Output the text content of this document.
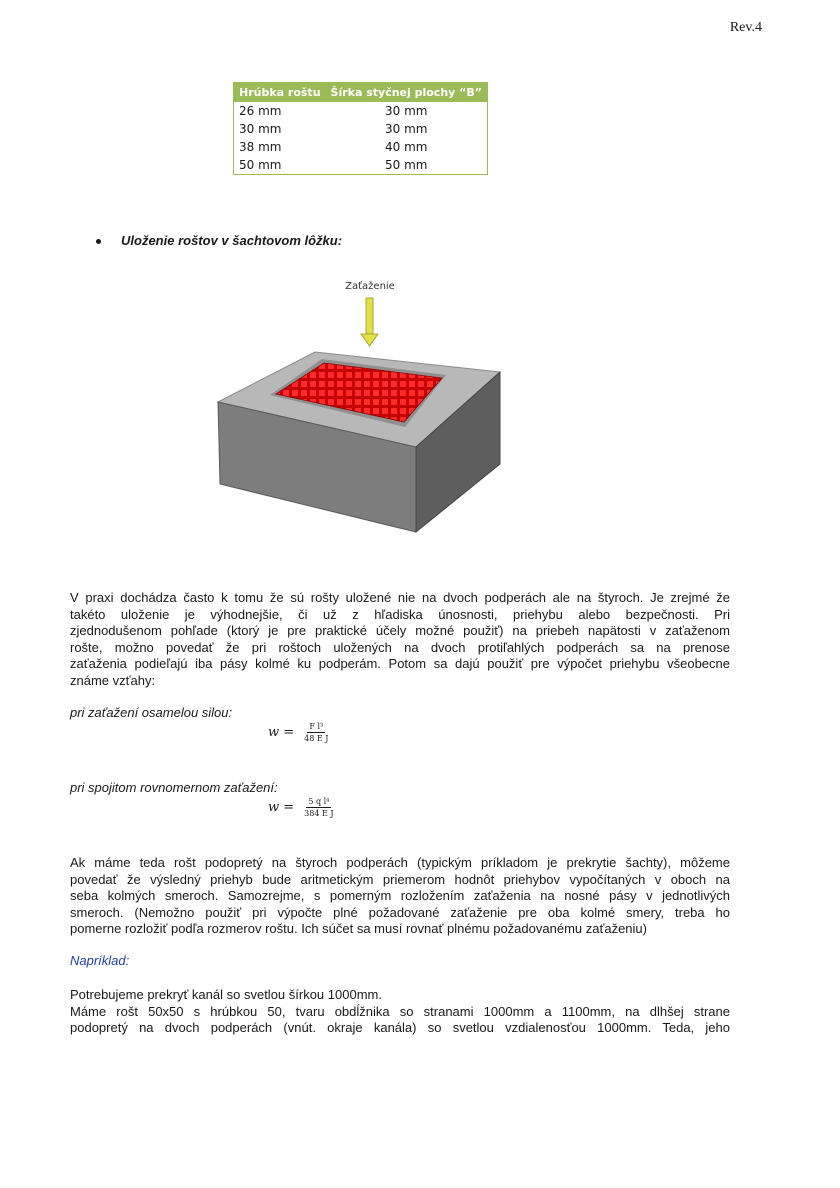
Rev.4
Hrúbka roštu	Šírka styčnej plochy “B”
26 mm	30 mm
30 mm	30 mm
38 mm	40 mm
50 mm	50 mm
Uloženie roštov v šachtovom lôžku:
Zaťaženie
V praxi dochádza často k tomu že sú rošty uložené nie na dvoch podperách ale na štyroch. Je zrejmé že
takéto uloženie je výhodnejšie, či už z hľadiska únosnosti, priehybu alebo bezpečnosti. Pri
zjednodušenom pohľade (ktorý je pre praktické účely možné použiť) na priebeh napätosti v zaťaženom
rošte, možno povedať že pri roštoch uložených na dvoch protiľahlých podperách sa na prenose
zaťaženia podieľajú iba pásy kolmé ku podperám. Potom sa dajú použiť pre výpočet priehybu všeobecne
známe vzťahy:
pri zaťažení osamelou silou:
$w = \frac{\text{F l³}}{\text{48 E J}}$
pri spojitom rovnomernom zaťažení:
$w = \frac{\text{5 q l⁴}}{\text{384 E J}}$
Ak máme teda rošt podopretý na štyroch podperách (typickým príkladom je prekrytie šachty), môžeme
povedať že výsledný priehyb bude aritmetickým priemerom hodnôt priehybov vypočítaných v oboch na
seba kolmých smeroch. Samozrejme, s pomerným rozložením zaťaženia na nosné pásy v jednotlivých
smeroch. (Nemožno použiť pri výpočte plné požadované zaťaženie pre oba kolmé smery, treba ho
pomerne rozložiť podľa rozmerov roštu. Ich súčet sa musí rovnať plnému požadovanému zaťaženiu)
Napríklad:
Potrebujeme prekryť kanál so svetlou šírkou 1000mm.
Máme rošt 50x50 s hrúbkou 50, tvaru obdĺžnika so stranami 1000mm a 1100mm, na dlhšej strane
podopretý na dvoch podperách (vnút. okraje kanála) so svetlou vzdialenosťou 1000mm. Teda, jeho
